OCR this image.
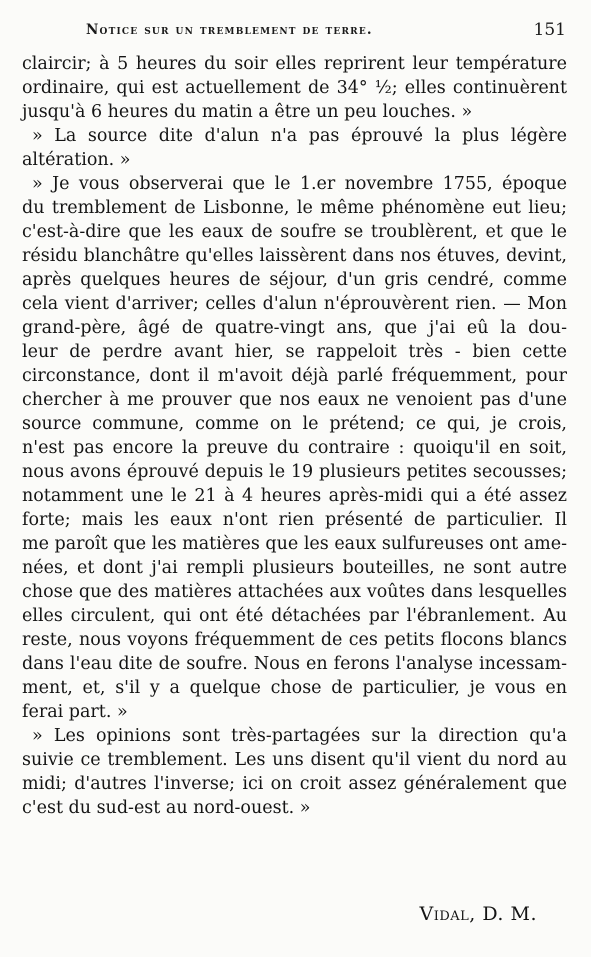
Notice sur un tremblement de terre.	151
claircir; à 5 heures du soir elles reprirent leur température
ordinaire, qui est actuellement de 34° ½; elles continuèrent
jusqu'à 6 heures du matin a être un peu louches. »
» La source dite d'alun n'a pas éprouvé la plus légère
altération. »
» Je vous observerai que le 1.er novembre 1755, époque
du tremblement de Lisbonne, le même phénomène eut lieu;
c'est-à-dire que les eaux de soufre se troublèrent, et que le
résidu blanchâtre qu'elles laissèrent dans nos étuves, devint,
après quelques heures de séjour, d'un gris cendré, comme
cela vient d'arriver; celles d'alun n'éprouvèrent rien. — Mon
grand-père, âgé de quatre-vingt ans, que j'ai eû la dou-
leur de perdre avant hier, se rappeloit très - bien cette
circonstance, dont il m'avoit déjà parlé fréquemment, pour
chercher à me prouver que nos eaux ne venoient pas d'une
source commune, comme on le prétend; ce qui, je crois,
n'est pas encore la preuve du contraire : quoiqu'il en soit,
nous avons éprouvé depuis le 19 plusieurs petites secousses;
notamment une le 21 à 4 heures après-midi qui a été assez
forte; mais les eaux n'ont rien présenté de particulier. Il
me paroît que les matières que les eaux sulfureuses ont ame-
nées, et dont j'ai rempli plusieurs bouteilles, ne sont autre
chose que des matières attachées aux voûtes dans lesquelles
elles circulent, qui ont été détachées par l'ébranlement. Au
reste, nous voyons fréquemment de ces petits flocons blancs
dans l'eau dite de soufre. Nous en ferons l'analyse incessam-
ment, et, s'il y a quelque chose de particulier, je vous en
ferai part. »
» Les opinions sont très-partagées sur la direction qu'a
suivie ce tremblement. Les uns disent qu'il vient du nord au
midi; d'autres l'inverse; ici on croit assez généralement que
c'est du sud-est au nord-ouest. »
Vidal, D. M.
